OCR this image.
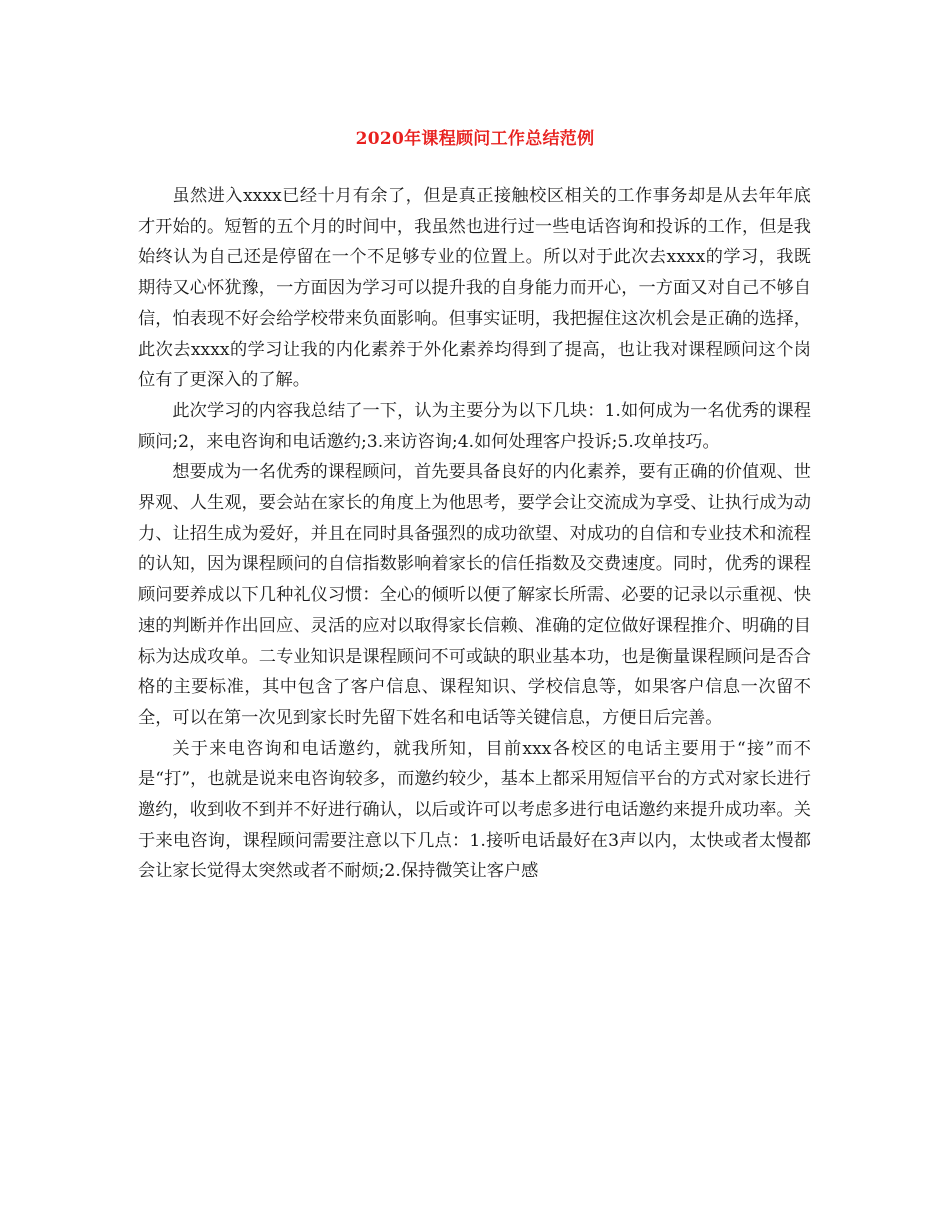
2020年课程顾问工作总结范例

虽然进入xxxx已经十月有余了，但是真正接触校区相关的工作事务却是从去年年底才开始的。短暂的五个月的时间中，我虽然也进行过一些电话咨询和投诉的工作，但是我始终认为自己还是停留在一个不足够专业的位置上。所以对于此次去xxxx的学习，我既期待又心怀犹豫，一方面因为学习可以提升我的自身能力而开心，一方面又对自己不够自信，怕表现不好会给学校带来负面影响。但事实证明，我把握住这次机会是正确的选择，此次去xxxx的学习让我的内化素养于外化素养均得到了提高，也让我对课程顾问这个岗位有了更深入的了解。

此次学习的内容我总结了一下，认为主要分为以下几块：1.如何成为一名优秀的课程顾问;2，来电咨询和电话邀约;3.来访咨询;4.如何处理客户投诉;5.攻单技巧。

想要成为一名优秀的课程顾问，首先要具备良好的内化素养，要有正确的价值观、世界观、人生观，要会站在家长的角度上为他思考，要学会让交流成为享受、让执行成为动力、让招生成为爱好，并且在同时具备强烈的成功欲望、对成功的自信和专业技术和流程的认知，因为课程顾问的自信指数影响着家长的信任指数及交费速度。同时，优秀的课程顾问要养成以下几种礼仪习惯：全心的倾听以便了解家长所需、必要的记录以示重视、快速的判断并作出回应、灵活的应对以取得家长信赖、准确的定位做好课程推介、明确的目标为达成攻单。二专业知识是课程顾问不可或缺的职业基本功，也是衡量课程顾问是否合格的主要标准，其中包含了客户信息、课程知识、学校信息等，如果客户信息一次留不全，可以在第一次见到家长时先留下姓名和电话等关键信息，方便日后完善。

关于来电咨询和电话邀约，就我所知，目前xxx各校区的电话主要用于“接”而不是“打”，也就是说来电咨询较多，而邀约较少，基本上都采用短信平台的方式对家长进行邀约，收到收不到并不好进行确认，以后或许可以考虑多进行电话邀约来提升成功率。关于来电咨询，课程顾问需要注意以下几点：1.接听电话最好在3声以内，太快或者太慢都会让家长觉得太突然或者不耐烦;2.保持微笑让客户感
